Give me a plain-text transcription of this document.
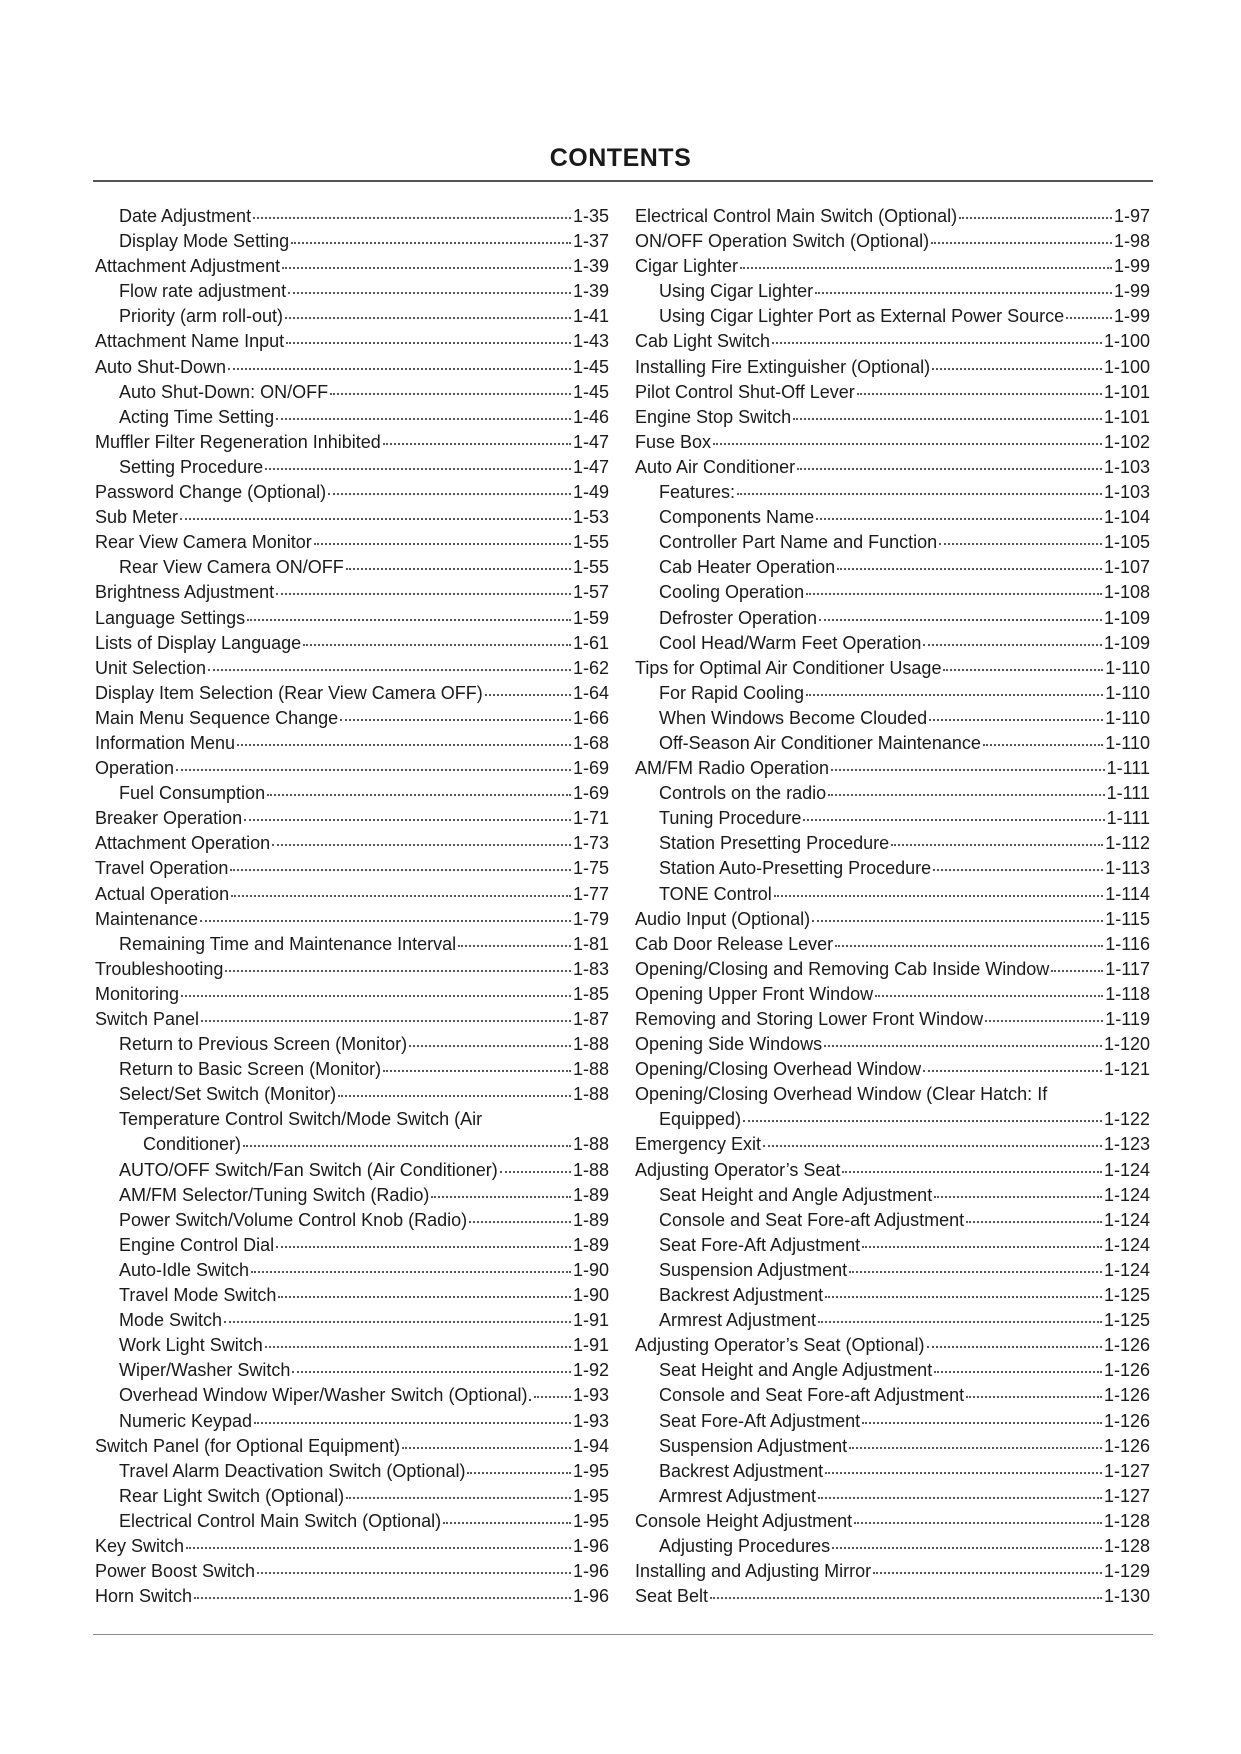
CONTENTS
Date Adjustment	1-35
Display Mode Setting	1-37
Attachment Adjustment	1-39
Flow rate adjustment	1-39
Priority (arm roll-out)	1-41
Attachment Name Input	1-43
Auto Shut-Down	1-45
Auto Shut-Down: ON/OFF	1-45
Acting Time Setting	1-46
Muffler Filter Regeneration Inhibited	1-47
Setting Procedure	1-47
Password Change (Optional)	1-49
Sub Meter	1-53
Rear View Camera Monitor	1-55
Rear View Camera ON/OFF	1-55
Brightness Adjustment	1-57
Language Settings	1-59
Lists of Display Language	1-61
Unit Selection	1-62
Display Item Selection (Rear View Camera OFF)	1-64
Main Menu Sequence Change	1-66
Information Menu	1-68
Operation	1-69
Fuel Consumption	1-69
Breaker Operation	1-71
Attachment Operation	1-73
Travel Operation	1-75
Actual Operation	1-77
Maintenance	1-79
Remaining Time and Maintenance Interval	1-81
Troubleshooting	1-83
Monitoring	1-85
Switch Panel	1-87
Return to Previous Screen (Monitor)	1-88
Return to Basic Screen (Monitor)	1-88
Select/Set Switch (Monitor)	1-88
Temperature Control Switch/Mode Switch (Air
Conditioner)	1-88
AUTO/OFF Switch/Fan Switch (Air Conditioner)	1-88
AM/FM Selector/Tuning Switch (Radio)	1-89
Power Switch/Volume Control Knob (Radio)	1-89
Engine Control Dial	1-89
Auto-Idle Switch	1-90
Travel Mode Switch	1-90
Mode Switch	1-91
Work Light Switch	1-91
Wiper/Washer Switch	1-92
Overhead Window Wiper/Washer Switch (Optional). 1-93
Numeric Keypad	1-93
Switch Panel (for Optional Equipment)	1-94
Travel Alarm Deactivation Switch (Optional)	1-95
Rear Light Switch (Optional)	1-95
Electrical Control Main Switch (Optional)	1-95
Key Switch	1-96
Power Boost Switch	1-96
Horn Switch	1-96
Electrical Control Main Switch (Optional)	1-97
ON/OFF Operation Switch (Optional)	1-98
Cigar Lighter	1-99
Using Cigar Lighter	1-99
Using Cigar Lighter Port as External Power Source	1-99
Cab Light Switch	1-100
Installing Fire Extinguisher (Optional)	1-100
Pilot Control Shut-Off Lever	1-101
Engine Stop Switch	1-101
Fuse Box	1-102
Auto Air Conditioner	1-103
Features:	1-103
Components Name	1-104
Controller Part Name and Function	1-105
Cab Heater Operation	1-107
Cooling Operation	1-108
Defroster Operation	1-109
Cool Head/Warm Feet Operation	1-109
Tips for Optimal Air Conditioner Usage	1-110
For Rapid Cooling	1-110
When Windows Become Clouded	1-110
Off-Season Air Conditioner Maintenance	1-110
AM/FM Radio Operation	1-111
Controls on the radio	1-111
Tuning Procedure	1-111
Station Presetting Procedure	1-112
Station Auto-Presetting Procedure	1-113
TONE Control	1-114
Audio Input (Optional)	1-115
Cab Door Release Lever	1-116
Opening/Closing and Removing Cab Inside Window	1-117
Opening Upper Front Window	1-118
Removing and Storing Lower Front Window	1-119
Opening Side Windows	1-120
Opening/Closing Overhead Window	1-121
Opening/Closing Overhead Window (Clear Hatch: If
Equipped)	1-122
Emergency Exit	1-123
Adjusting Operator’s Seat	1-124
Seat Height and Angle Adjustment	1-124
Console and Seat Fore-aft Adjustment	1-124
Seat Fore-Aft Adjustment	1-124
Suspension Adjustment	1-124
Backrest Adjustment	1-125
Armrest Adjustment	1-125
Adjusting Operator’s Seat (Optional)	1-126
Seat Height and Angle Adjustment	1-126
Console and Seat Fore-aft Adjustment	1-126
Seat Fore-Aft Adjustment	1-126
Suspension Adjustment	1-126
Backrest Adjustment	1-127
Armrest Adjustment	1-127
Console Height Adjustment	1-128
Adjusting Procedures	1-128
Installing and Adjusting Mirror	1-129
Seat Belt	1-130
